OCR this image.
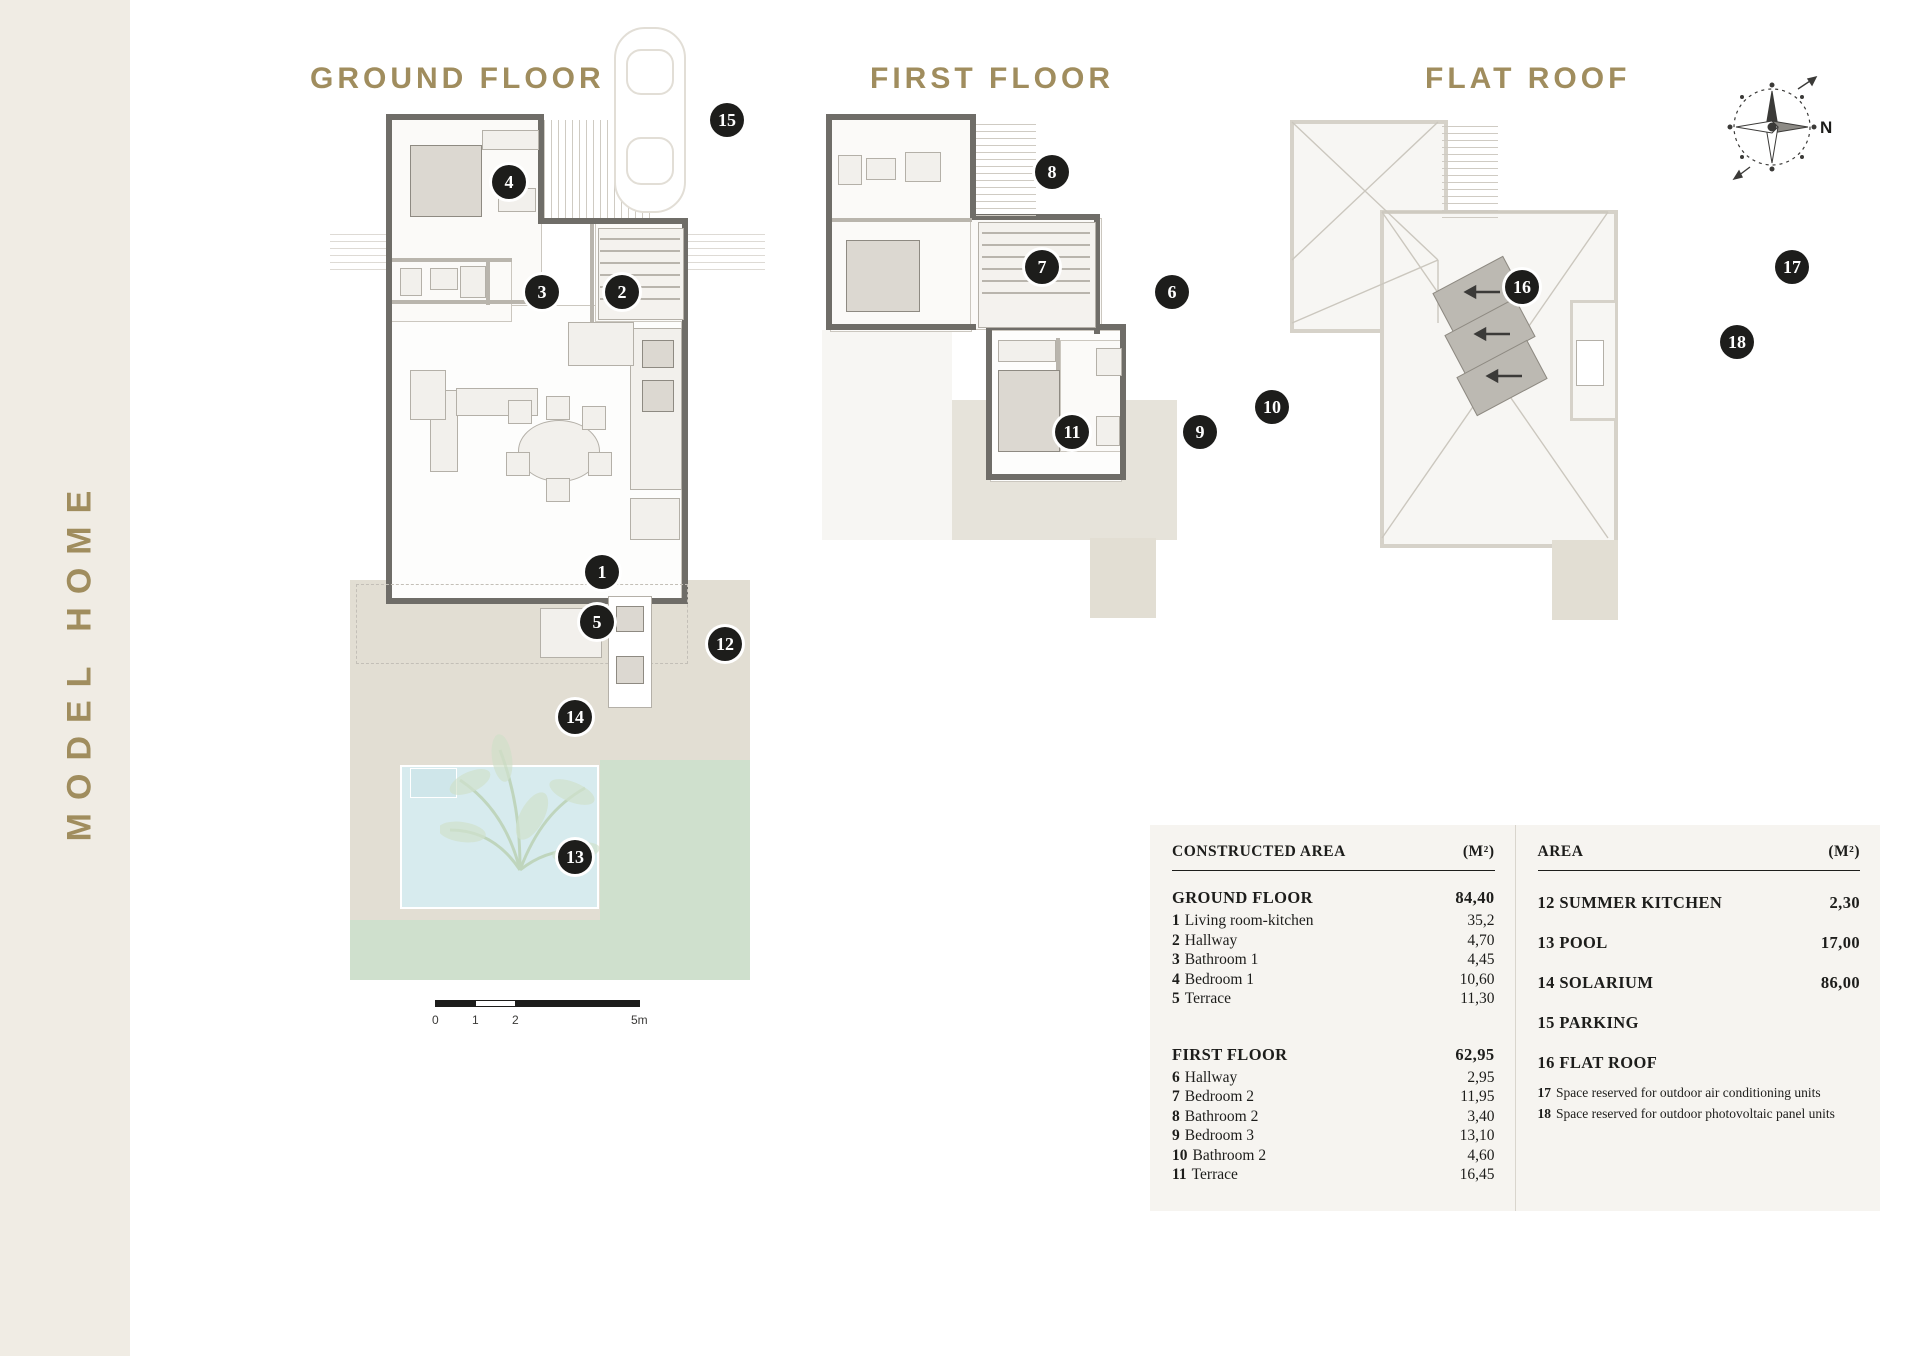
MODEL HOME
GROUND FLOOR	FIRST FLOOR	FLAT ROOF
1
2
3
4
5
12
13
14
15
0	1	2	5m
6
7
8
9
10
11
16
17
18
N
CONSTRUCTED AREA	(M²)
GROUND FLOOR	84,40
1 Living room-kitchen	35,2
2 Hallway	4,70
3 Bathroom 1	4,45
4 Bedroom 1	10,60
5 Terrace	11,30
FIRST FLOOR	62,95
6 Hallway	2,95
7 Bedroom 2	11,95
8 Bathroom 2	3,40
9 Bedroom 3	13,10
10 Bathroom 2	4,60
11 Terrace	16,45
AREA	(M²)
12 SUMMER KITCHEN	2,30
13 POOL	17,00
14 SOLARIUM	86,00
15 PARKING
16 FLAT ROOF
17 Space reserved for outdoor air conditioning units
18 Space reserved for outdoor photovoltaic panel units
